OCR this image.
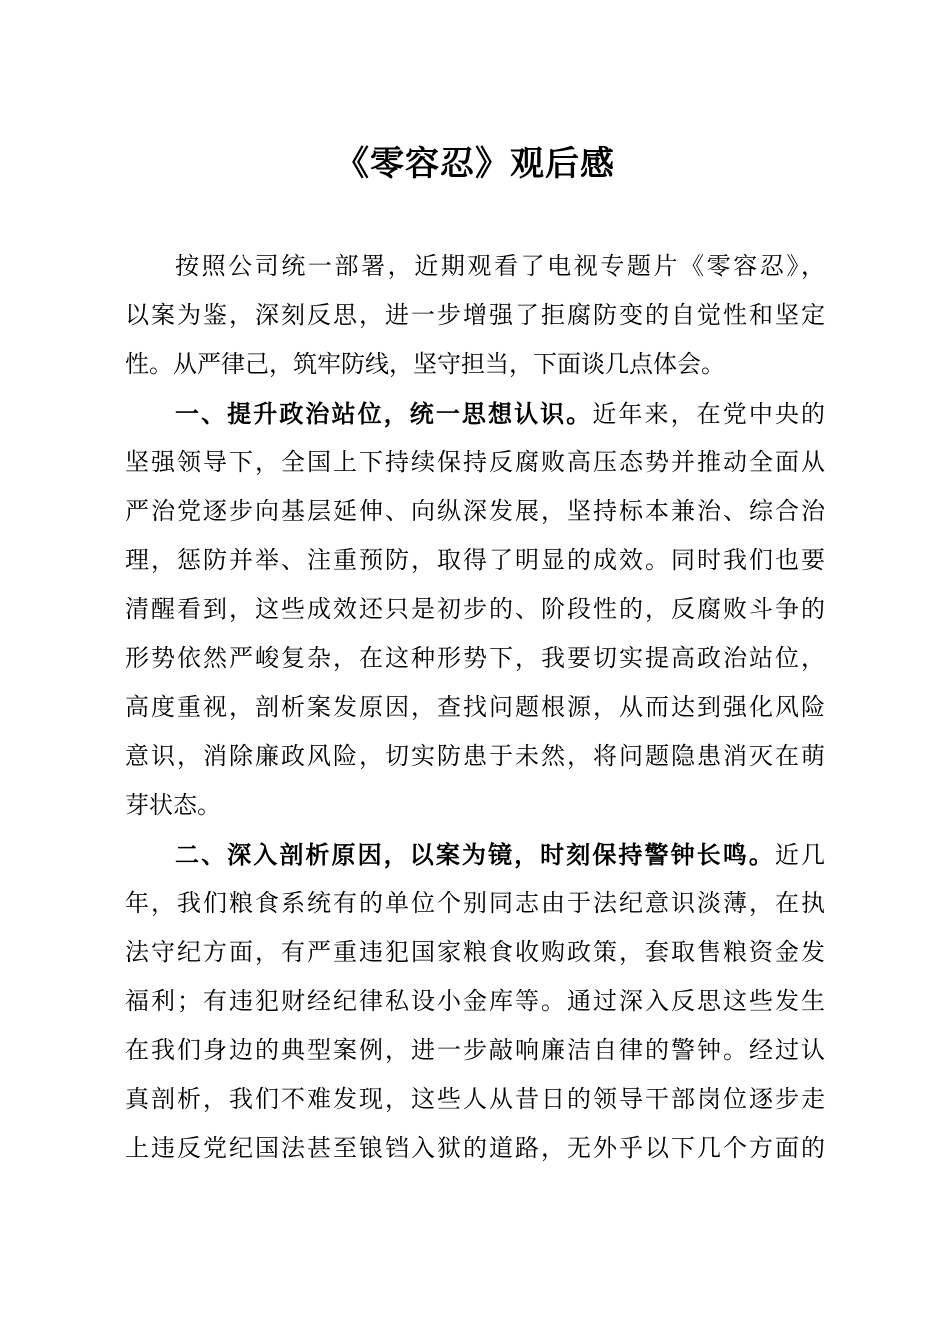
《零容忍》观后感
按照公司统一部署，近期观看了电视专题片《零容忍》，
以案为鉴，深刻反思，进一步增强了拒腐防变的自觉性和坚定
性。从严律己，筑牢防线，坚守担当，下面谈几点体会。
一、提升政治站位，统一思想认识。近年来，在党中央的
坚强领导下，全国上下持续保持反腐败高压态势并推动全面从
严治党逐步向基层延伸、向纵深发展，坚持标本兼治、综合治
理，惩防并举、注重预防，取得了明显的成效。同时我们也要
清醒看到，这些成效还只是初步的、阶段性的，反腐败斗争的
形势依然严峻复杂，在这种形势下，我要切实提高政治站位，
高度重视，剖析案发原因，查找问题根源，从而达到强化风险
意识，消除廉政风险，切实防患于未然，将问题隐患消灭在萌
芽状态。
二、深入剖析原因，以案为镜，时刻保持警钟长鸣。近几
年，我们粮食系统有的单位个别同志由于法纪意识淡薄，在执
法守纪方面，有严重违犯国家粮食收购政策，套取售粮资金发
福利；有违犯财经纪律私设小金库等。通过深入反思这些发生
在我们身边的典型案例，进一步敲响廉洁自律的警钟。经过认
真剖析，我们不难发现，这些人从昔日的领导干部岗位逐步走
上违反党纪国法甚至锒铛入狱的道路，无外乎以下几个方面的
